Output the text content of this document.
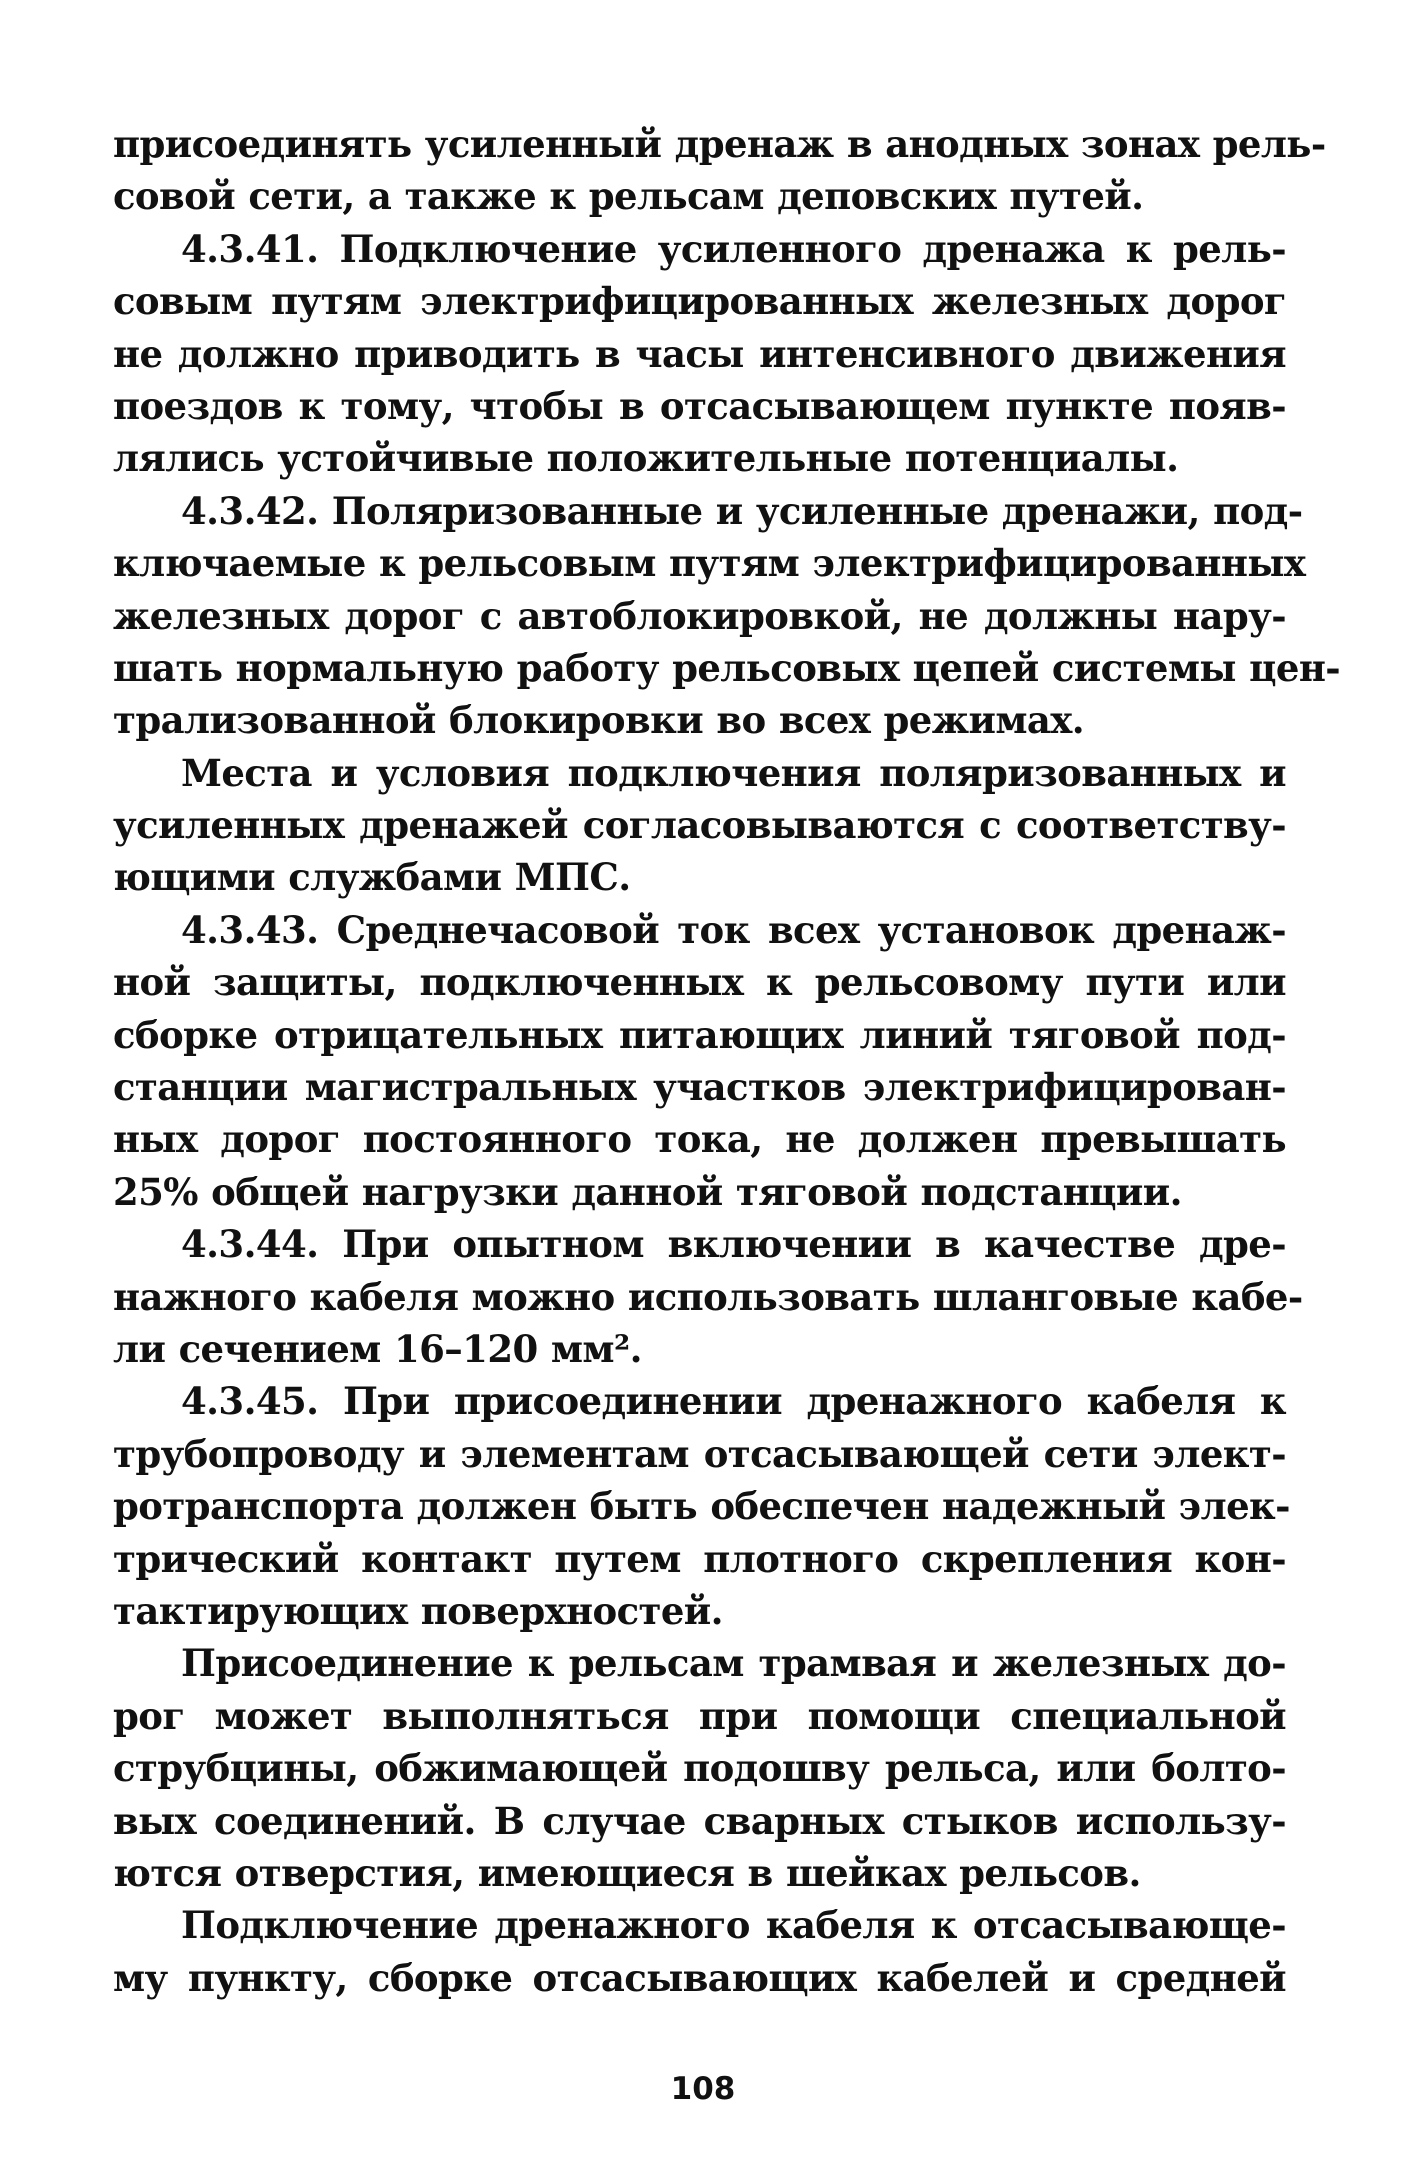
присоединять усиленный дренаж в анодных зонах рель-
совой сети, а также к рельсам деповских путей.
4.3.41. Подключение усиленного дренажа к рель-
совым путям электрифицированных железных дорог
не должно приводить в часы интенсивного движения
поездов к тому, чтобы в отсасывающем пункте появ-
лялись устойчивые положительные потенциалы.
4.3.42. Поляризованные и усиленные дренажи, под-
ключаемые к рельсовым путям электрифицированных
железных дорог с автоблокировкой, не должны нару-
шать нормальную работу рельсовых цепей системы цен-
трализованной блокировки во всех режимах.
Места и условия подключения поляризованных и
усиленных дренажей согласовываются с соответству-
ющими службами МПС.
4.3.43. Среднечасовой ток всех установок дренаж-
ной защиты, подключенных к рельсовому пути или
сборке отрицательных питающих линий тяговой под-
станции магистральных участков электрифицирован-
ных дорог постоянного тока, не должен превышать
25% общей нагрузки данной тяговой подстанции.
4.3.44. При опытном включении в качестве дре-
нажного кабеля можно использовать шланговые кабе-
ли сечением 16–120 мм².
4.3.45. При присоединении дренажного кабеля к
трубопроводу и элементам отсасывающей сети элект-
ротранспорта должен быть обеспечен надежный элек-
трический контакт путем плотного скрепления кон-
тактирующих поверхностей.
Присоединение к рельсам трамвая и железных до-
рог может выполняться при помощи специальной
струбцины, обжимающей подошву рельса, или болто-
вых соединений. В случае сварных стыков использу-
ются отверстия, имеющиеся в шейках рельсов.
Подключение дренажного кабеля к отсасывающе-
му пункту, сборке отсасывающих кабелей и средней
108
